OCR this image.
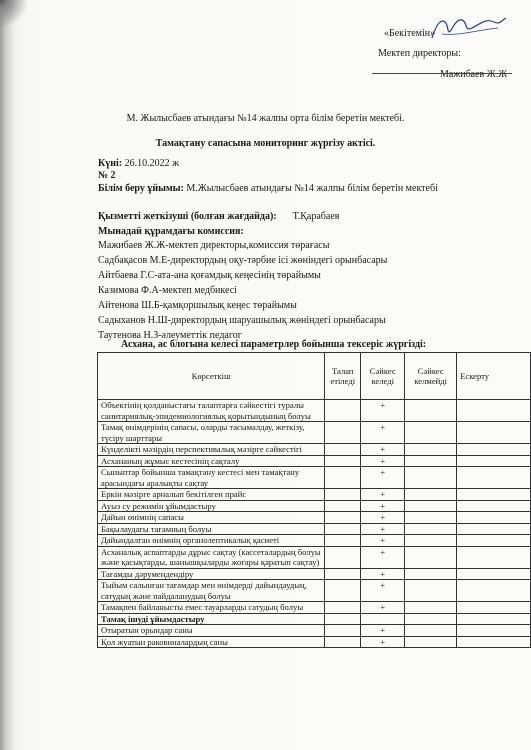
«Бекітемін»
Мектеп директоры:
Мажибаев Ж.Ж
М. Жылысбаев атындағы №14 жалпы орта білім беретін мектебі.
Тамақтану сапасына мониторинг жүргізу актісі.
Күні: 26.10.2022 ж
№ 2
Білім беру ұйымы: М.Жылысбаев атындағы №14 жалпы білім беретін мектебі
Қызметті жеткізуші (болған жағдайда): Т.Қарабаев
Мынадай құрамдағы комиссия:
Мажибаев Ж.Ж-мектеп директоры,комиссия төрағасы
Садбақасов М.Е-директордың оқу-тәрбие ісі жөніндегі орынбасары
Айтбаева Г.С-ата-ана қоғамдық кеңесінің төрайымы
Казимова Ф.А-мектеп медбикесі
Айтенова Ш.Б-қамқоршылық кеңес төрайымы
Садыханов Н.Ш-директордың шаруашылық жөніндегі орынбасары
Таутенова Н.З-әлеуметтік педагог
Асхана, ас блогына келесі параметрлер бойынша тексеріс жүргізді:
Көрсеткіш	Талап етіледі	Сәйкес келеді	Сәйкес келмейді	Ескерту
Объектінің қолданыстағы талаптарға сәйкестігі туралы санитариялық-эпидемиологиялық қорытындының болуы		+		
Тамақ өнімдерінің сапасы, оларды тасымалдау, жеткізу, түсіру шарттары		+		
Күнделікті мәзірдің перспективалық мәзірге сәйкестігі		+		
Асхананың жұмыс кестесінің сақталу		+		
Сыныптар бойынша тамақтану кестесі мен тамақтану арасындағы аралықты сақтау		+		
Еркін мәзірге арналып бекітілген прайс		+		
Ауыз су режимін ұйымдастыру		+		
Дайын өнімнің сапасы		+		
Бақылаудағы тағамның болуы		+		
Дайындалған өнімнің органолептикалық қасиеті		+		
Асханалық аспаптарды дұрыс сақтау (кассеталардың болуы және қасықтарды, шанышқыларды жоғары қаратып сақтау)		+		
Тағамды дәрумендендіру		+		
Тыйым салынған тағамдар мен өнімдерді дайындаудың, сатудың және пайдаланудың болуы		+		
Тамақпен байланысты емес тауарларды сатудың болуы		+		
Тамақ ішуді ұйымдастыру				
Отыратын орындар саны		+		
Қол жуатын раковиналардың саны		+		
